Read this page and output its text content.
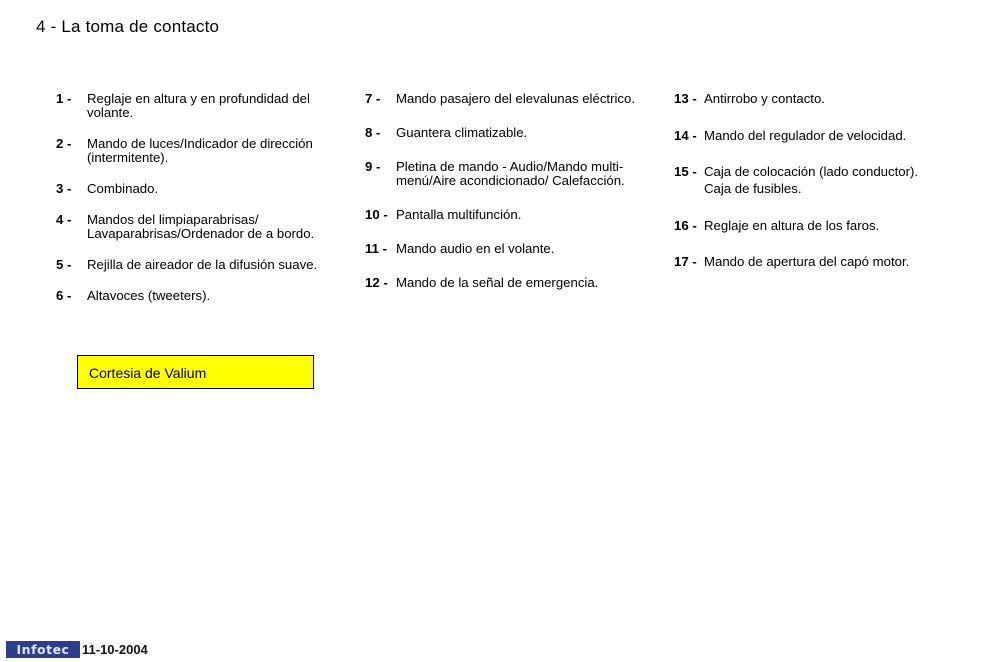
4 - La toma de contacto
1 -	Reglaje en altura y en profundidad del volante.
2 -	Mando de luces/Indicador de dirección (intermitente).
3 -	Combinado.
4 -	Mandos del limpiaparabrisas/ Lavaparabrisas/Ordenador de a bordo.
5 -	Rejilla de aireador de la difusión suave.
6 -	Altavoces (tweeters).
7 -	Mando pasajero del elevalunas eléctrico.
8 -	Guantera climatizable.
9 -	Pletina de mando - Audio/Mando multi-menú/Aire acondicionado/ Calefacción.
10 - Pantalla multifunción.
11 - Mando audio en el volante.
12 - Mando de la señal de emergencia.
13 - Antirrobo y contacto.
14 - Mando del regulador de velocidad.
15 - Caja de colocación (lado conductor).
Caja de fusibles.
16 - Reglaje en altura de los faros.
17 - Mando de apertura del capó motor.
Cortesia de Valium
Infotec 11-10-2004
